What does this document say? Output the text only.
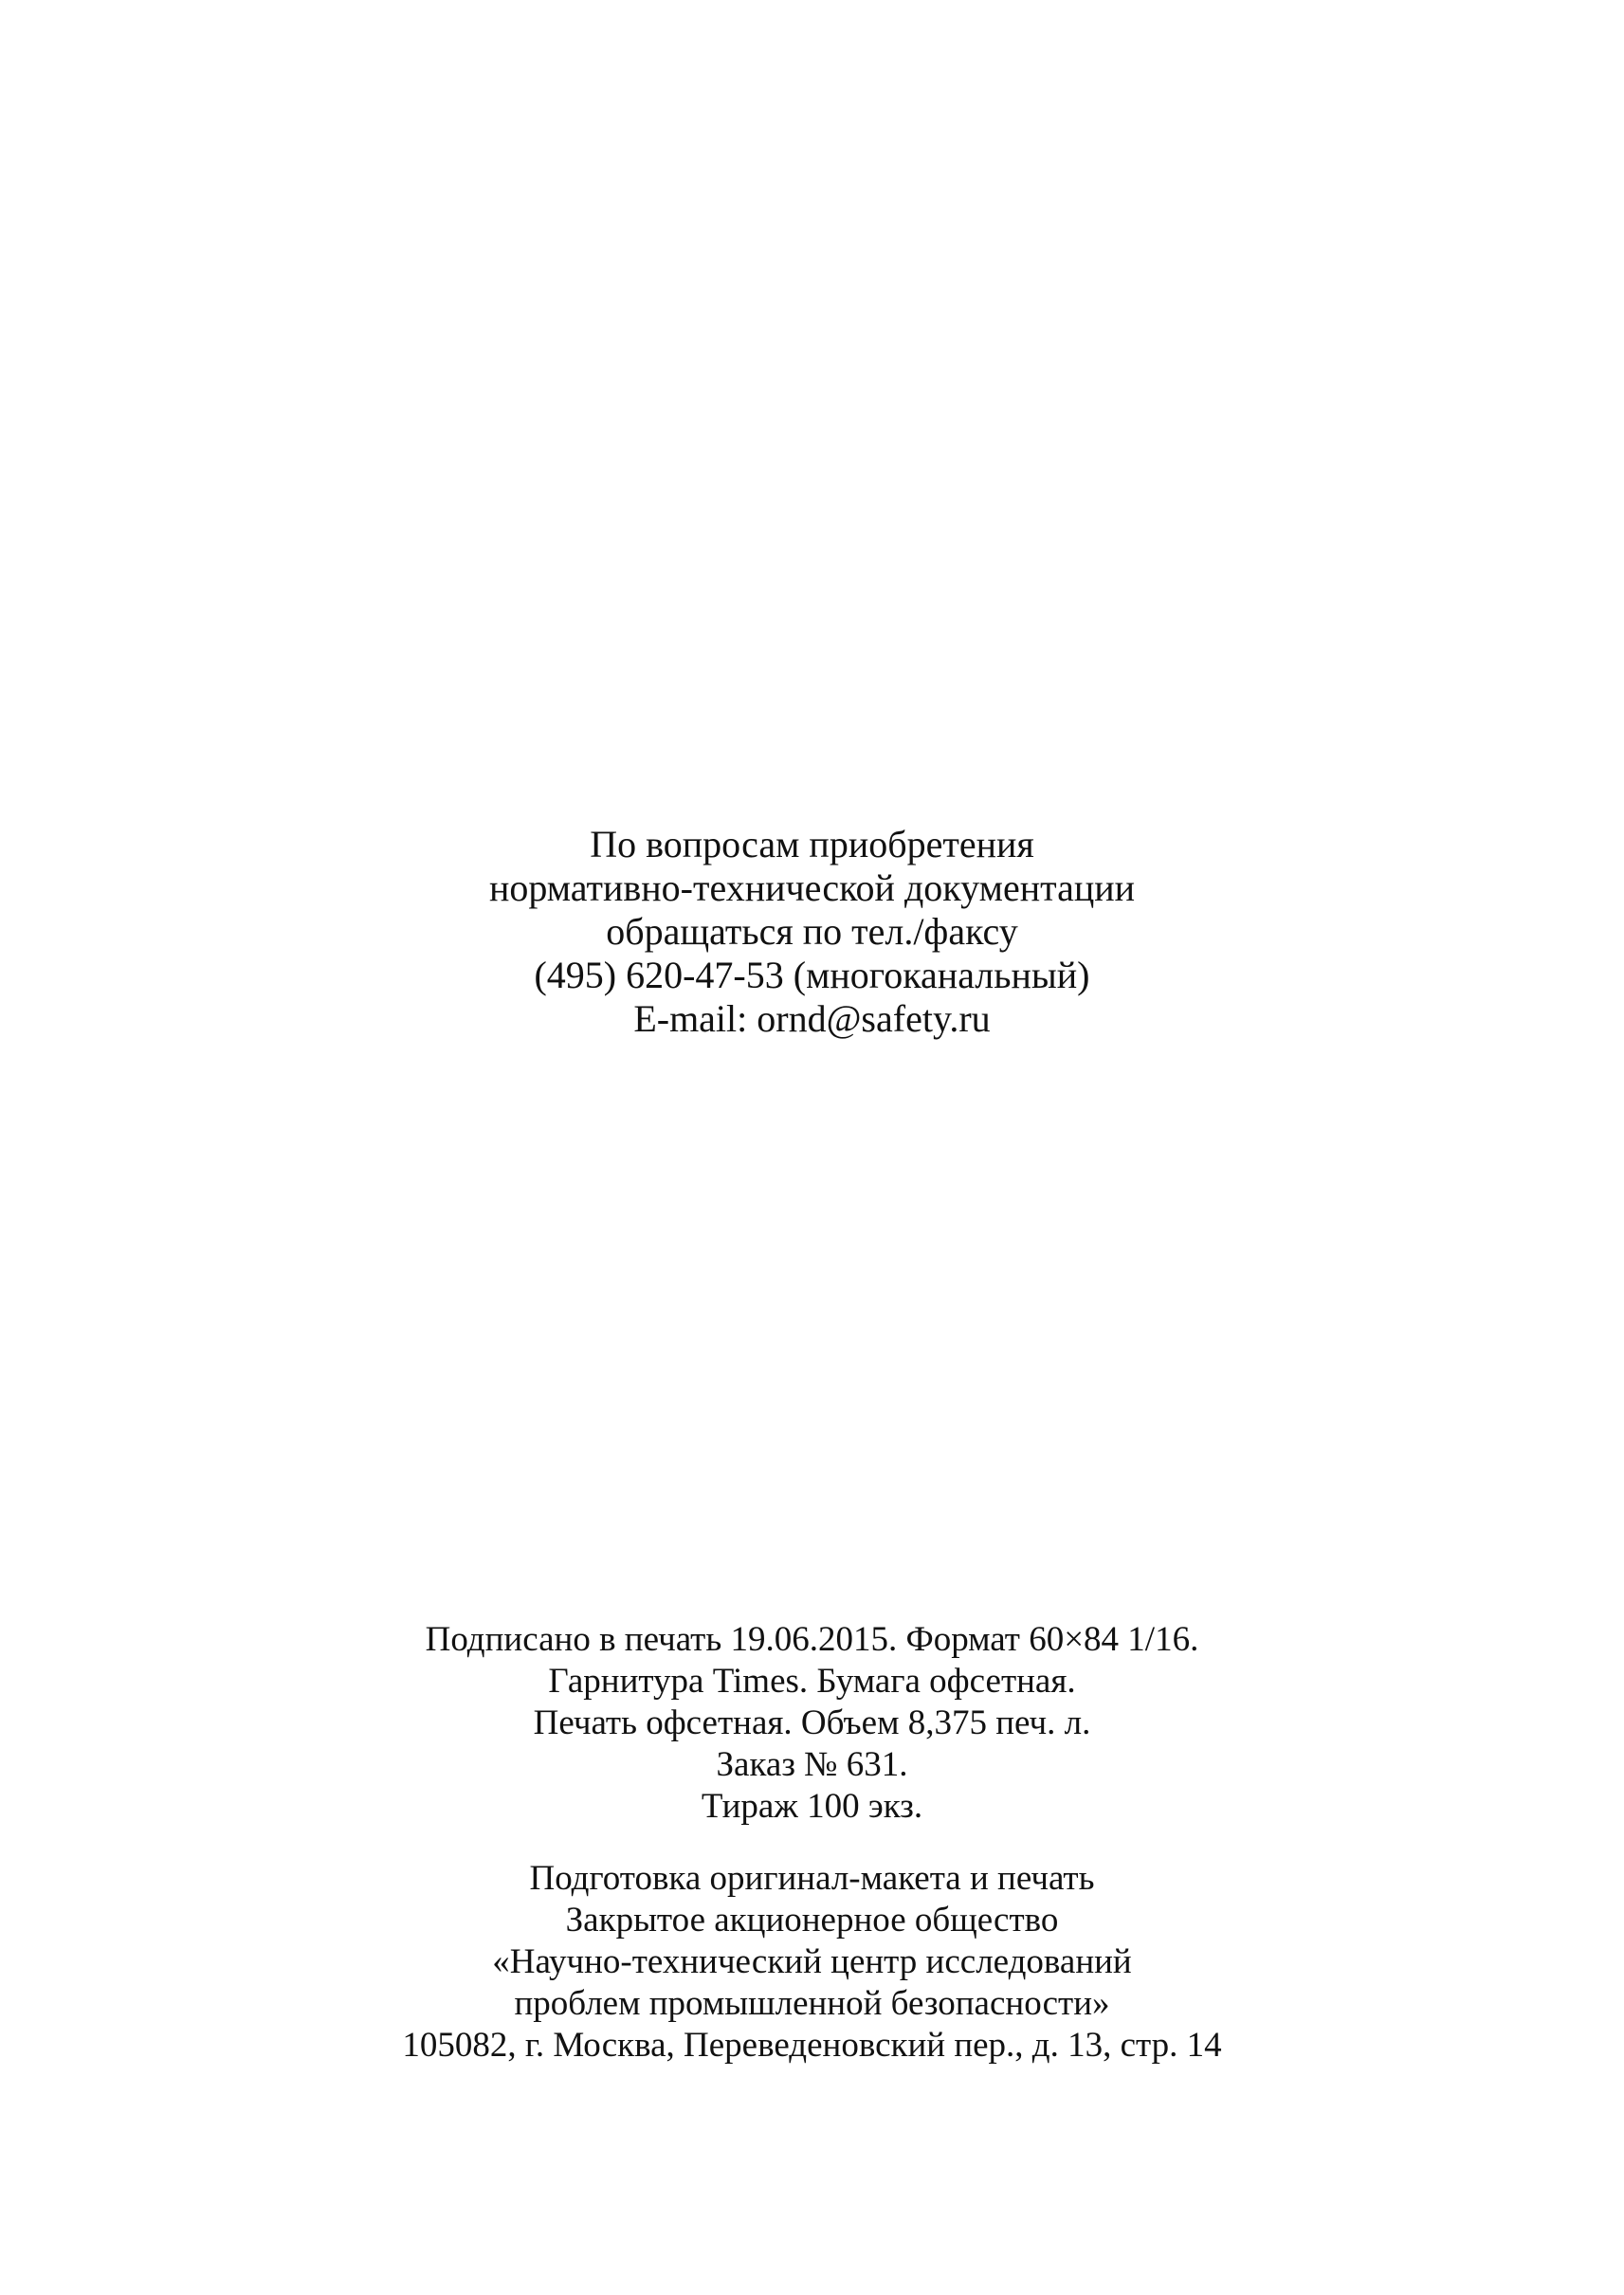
По вопросам приобретения
нормативно-технической документации
обращаться по тел./факсу
(495) 620-47-53 (многоканальный)
E-mail: ornd@safety.ru
Подписано в печать 19.06.2015. Формат 60×84 1/16.
Гарнитура Times. Бумага офсетная.
Печать офсетная. Объем 8,375 печ. л.
Заказ № 631.
Тираж 100 экз.
Подготовка оригинал-макета и печать
Закрытое акционерное общество
«Научно-технический центр исследований
проблем промышленной безопасности»
105082, г. Москва, Переведеновский пер., д. 13, стр. 14
